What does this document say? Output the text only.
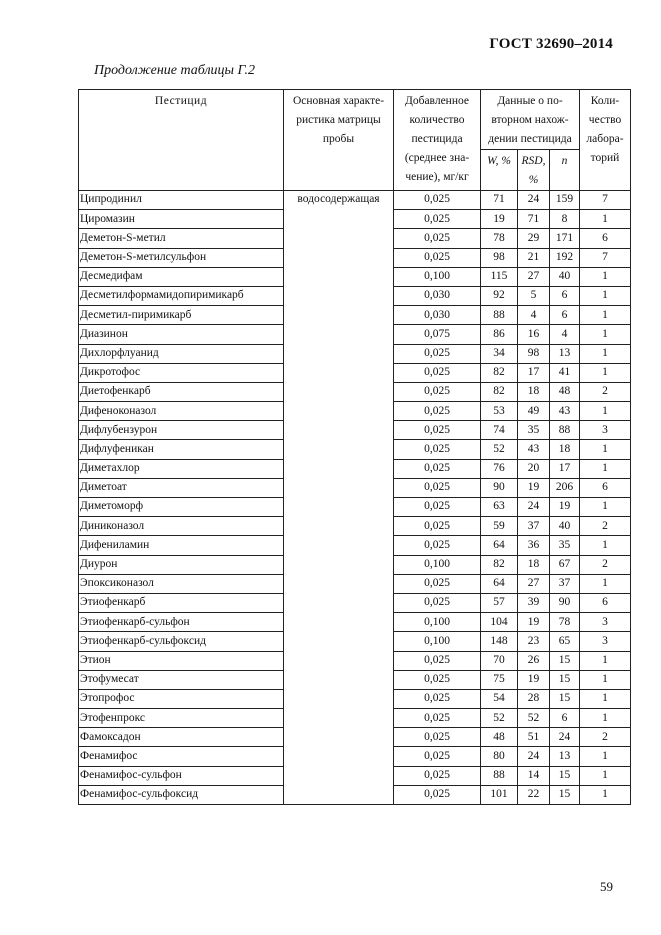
ГОСТ 32690–2014
Продолжение таблицы Г.2
Пестицид	Основная характе-ристика матрицы пробы	Добавленное количество пестицида (среднее зна-чение), мг/кг	Данные о по-вторном нахож-дении пестицида			Коли-чество лабора-торий
			W, %	RSD, %	n	
Ципродинил	водосодержащая	0,025	71	24	159	7
Циромазин		0,025	19	71	8	1
Деметон-S-метил		0,025	78	29	171	6
Деметон-S-метилсульфон		0,025	98	21	192	7
Десмедифам		0,100	115	27	40	1
Десметилформамидопиримикарб		0,030	92	5	6	1
Десметил-пиримикарб		0,030	88	4	6	1
Диазинон		0,075	86	16	4	1
Дихлорфлуанид		0,025	34	98	13	1
Дикротофос		0,025	82	17	41	1
Диетофенкарб		0,025	82	18	48	2
Дифеноконазол		0,025	53	49	43	1
Дифлубензурон		0,025	74	35	88	3
Дифлуфеникан		0,025	52	43	18	1
Диметахлор		0,025	76	20	17	1
Диметоат		0,025	90	19	206	6
Диметоморф		0,025	63	24	19	1
Диниконазол		0,025	59	37	40	2
Дифениламин		0,025	64	36	35	1
Диурон		0,100	82	18	67	2
Эпоксиконазол		0,025	64	27	37	1
Этиофенкарб		0,025	57	39	90	6
Этиофенкарб-сульфон		0,100	104	19	78	3
Этиофенкарб-сульфоксид		0,100	148	23	65	3
Этион		0,025	70	26	15	1
Этофумесат		0,025	75	19	15	1
Этопрофос		0,025	54	28	15	1
Этофенпрокс		0,025	52	52	6	1
Фамоксадон		0,025	48	51	24	2
Фенамифос		0,025	80	24	13	1
Фенамифос-сульфон		0,025	88	14	15	1
Фенамифос-сульфоксид		0,025	101	22	15	1
59
